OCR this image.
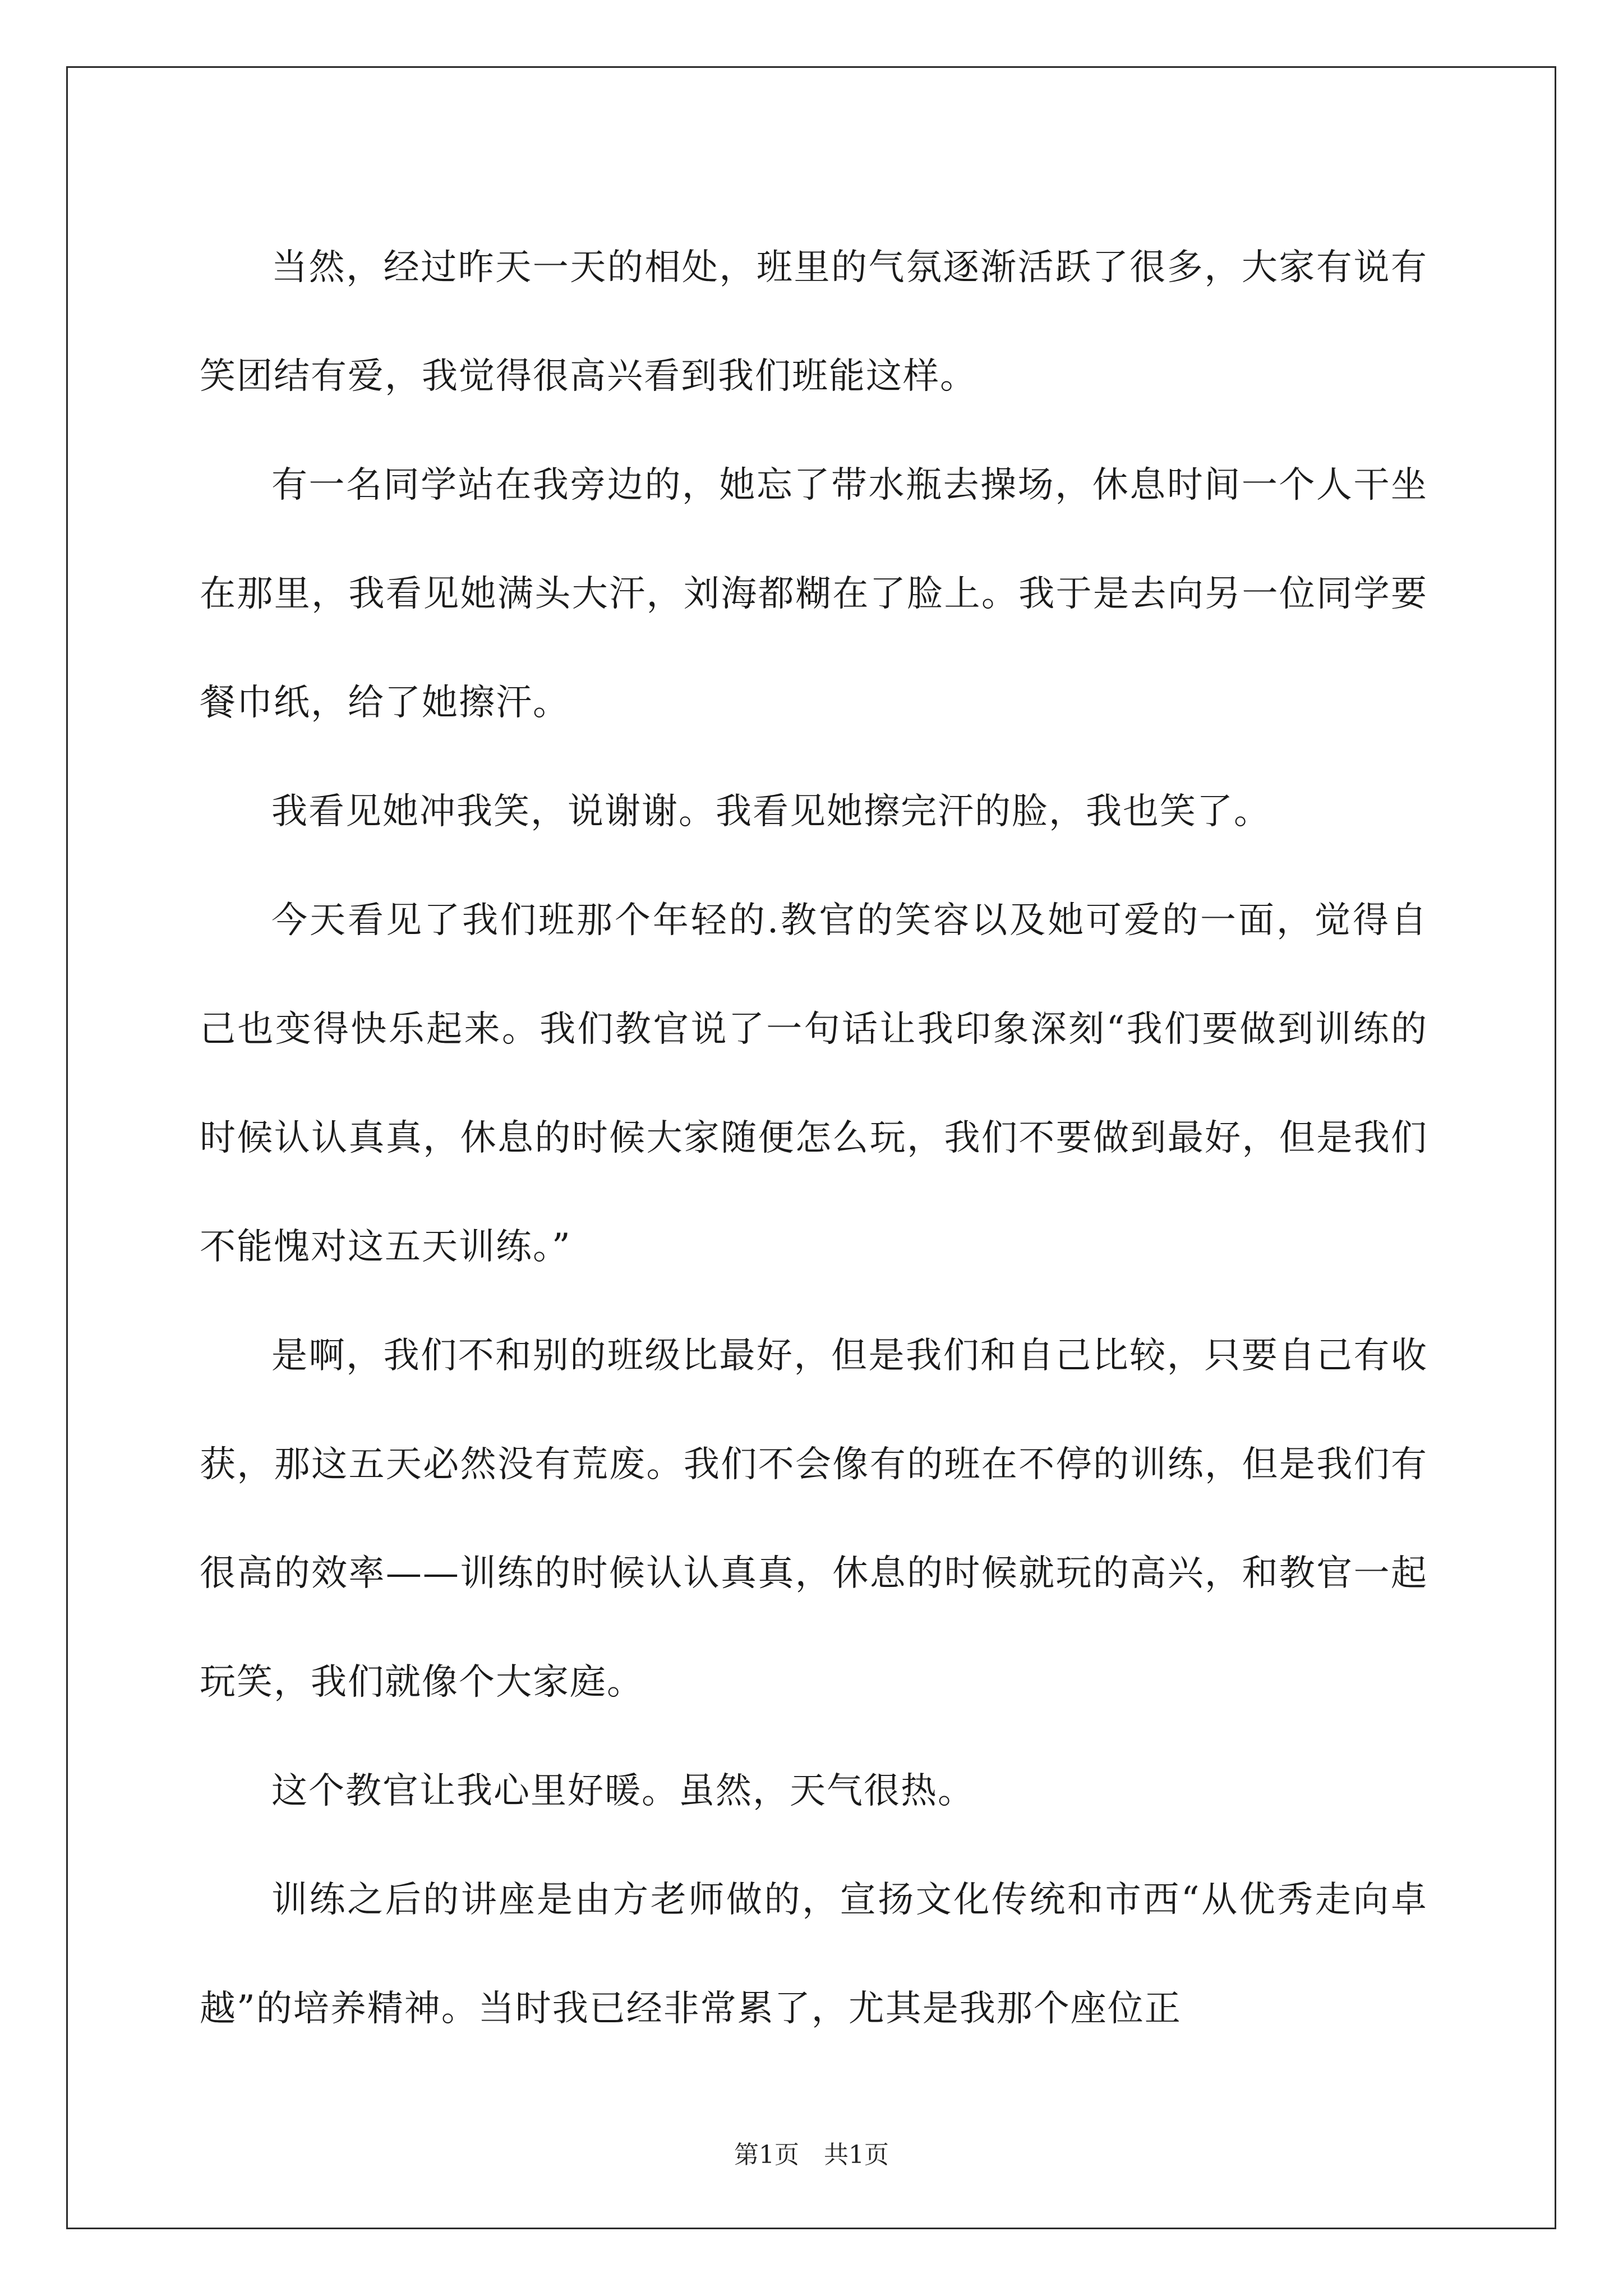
当然，经过昨天一天的相处，班里的气氛逐渐活跃了很多，大家有说有笑团结有爱，我觉得很高兴看到我们班能这样。

有一名同学站在我旁边的，她忘了带水瓶去操场，休息时间一个人干坐在那里，我看见她满头大汗，刘海都糊在了脸上。我于是去向另一位同学要餐巾纸，给了她擦汗。

我看见她冲我笑，说谢谢。我看见她擦完汗的脸，我也笑了。

今天看见了我们班那个年轻的.教官的笑容以及她可爱的一面，觉得自己也变得快乐起来。我们教官说了一句话让我印象深刻“我们要做到训练的时候认认真真，休息的时候大家随便怎么玩，我们不要做到最好，但是我们不能愧对这五天训练。”

是啊，我们不和别的班级比最好，但是我们和自己比较，只要自己有收获，那这五天必然没有荒废。我们不会像有的班在不停的训练，但是我们有很高的效率——训练的时候认认真真，休息的时候就玩的高兴，和教官一起玩笑，我们就像个大家庭。

这个教官让我心里好暖。虽然，天气很热。

训练之后的讲座是由方老师做的，宣扬文化传统和市西“从优秀走向卓越”的培养精神。当时我已经非常累了，尤其是我那个座位正

第1页　共1页
